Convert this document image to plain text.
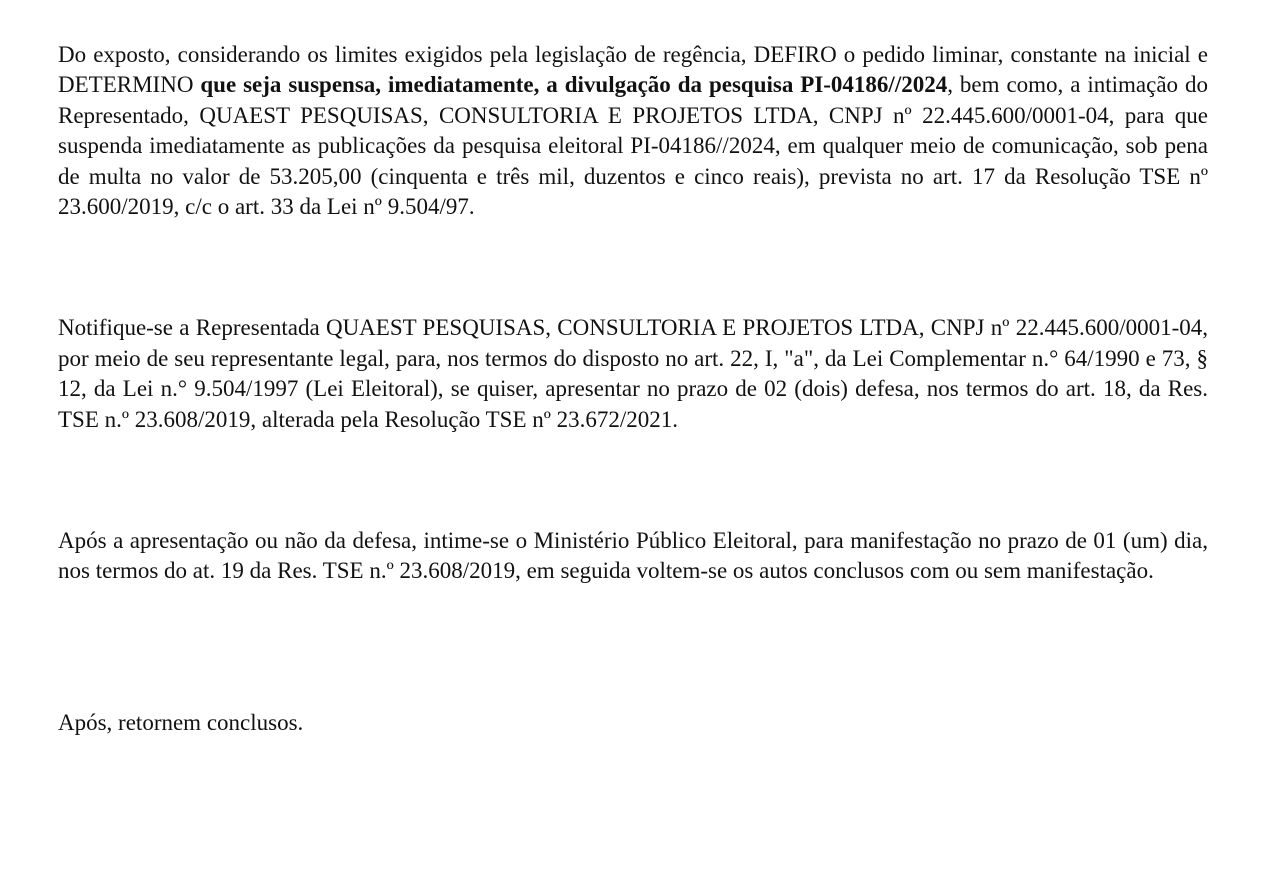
Do exposto, considerando os limites exigidos pela legislação de regência, DEFIRO o pedido liminar, constante na inicial e DETERMINO que seja suspensa, imediatamente, a divulgação da pesquisa PI-04186//2024, bem como, a intimação do Representado, QUAEST PESQUISAS, CONSULTORIA E PROJETOS LTDA, CNPJ nº 22.445.600/0001-04, para que suspenda imediatamente as publicações da pesquisa eleitoral PI-04186//2024, em qualquer meio de comunicação, sob pena de multa no valor de 53.205,00 (cinquenta e três mil, duzentos e cinco reais), prevista no art. 17 da Resolução TSE nº 23.600/2019, c/c o art. 33 da Lei nº 9.504/97.

Notifique-se a Representada QUAEST PESQUISAS, CONSULTORIA E PROJETOS LTDA, CNPJ nº 22.445.600/0001-04, por meio de seu representante legal, para, nos termos do disposto no art. 22, I, "a", da Lei Complementar n.° 64/1990 e 73, § 12, da Lei n.° 9.504/1997 (Lei Eleitoral), se quiser, apresentar no prazo de 02 (dois) defesa, nos termos do art. 18, da Res. TSE n.º 23.608/2019, alterada pela Resolução TSE nº 23.672/2021.

Após a apresentação ou não da defesa, intime-se o Ministério Público Eleitoral, para manifestação no prazo de 01 (um) dia, nos termos do at. 19 da Res. TSE n.º 23.608/2019, em seguida voltem-se os autos conclusos com ou sem manifestação.

Após, retornem conclusos.
